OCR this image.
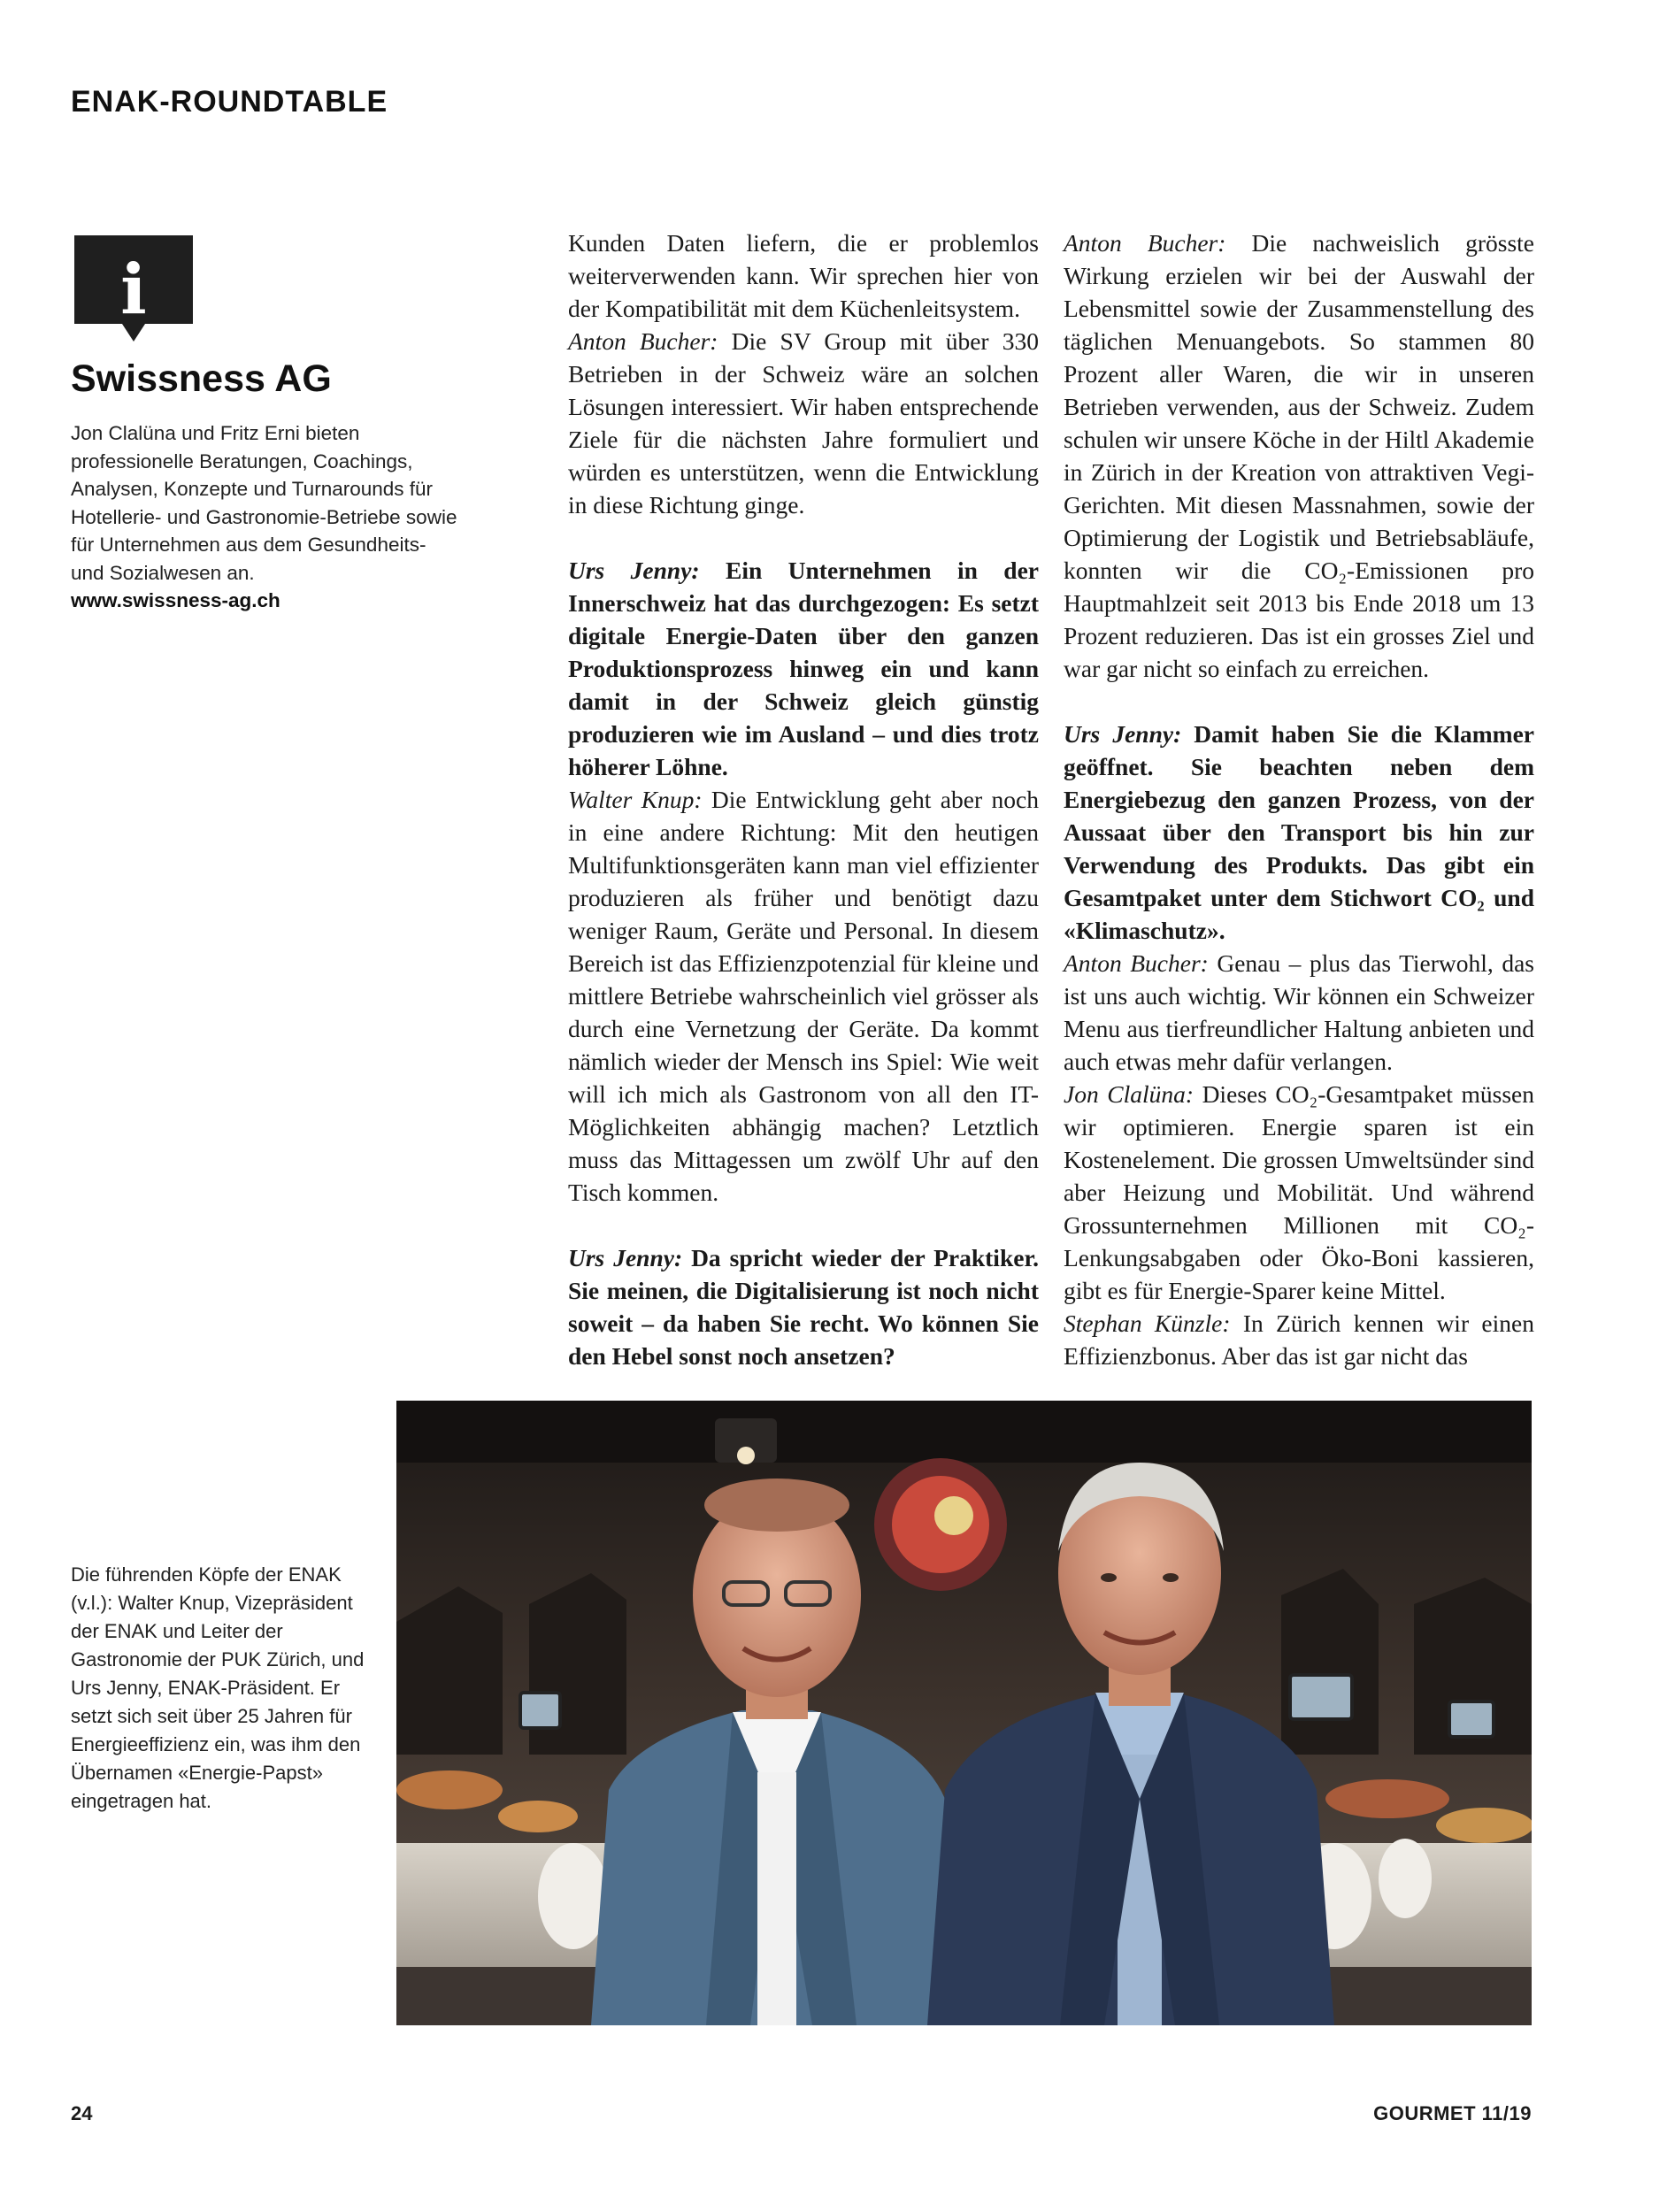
ENAK-ROUNDTABLE
i
Swissness AG

Jon Clalüna und Fritz Erni bieten professionelle Beratungen, Coachings, Analysen, Konzepte und Turnarounds für Hotellerie- und Gastronomie-Betriebe sowie für Unternehmen aus dem Gesundheits- und Sozialwesen an.

www.swissness-ag.ch

Kunden Daten liefern, die er problemlos weiterverwenden kann. Wir sprechen hier von der Kompatibilität mit dem Küchenleitsystem.

Anton Bucher: Die SV Group mit über 330 Betrieben in der Schweiz wäre an solchen Lösungen interessiert. Wir haben entsprechende Ziele für die nächsten Jahre formuliert und würden es unterstützen, wenn die Entwicklung in diese Richtung ginge.

Urs Jenny: Ein Unternehmen in der Innerschweiz hat das durchgezogen: Es setzt digitale Energie-Daten über den ganzen Produktionsprozess hinweg ein und kann damit in der Schweiz gleich günstig produzieren wie im Ausland – und dies trotz höherer Löhne.

Walter Knup: Die Entwicklung geht aber noch in eine andere Richtung: Mit den heutigen Multifunktionsgeräten kann man viel effizienter produzieren als früher und benötigt dazu weniger Raum, Geräte und Personal. In diesem Bereich ist das Effizienzpotenzial für kleine und mittlere Betriebe wahrscheinlich viel grösser als durch eine Vernetzung der Geräte. Da kommt nämlich wieder der Mensch ins Spiel: Wie weit will ich mich als Gastronom von all den IT-Möglichkeiten abhängig machen? Letztlich muss das Mittagessen um zwölf Uhr auf den Tisch kommen.

Urs Jenny: Da spricht wieder der Praktiker. Sie meinen, die Digitalisierung ist noch nicht soweit – da haben Sie recht. Wo können Sie den Hebel sonst noch ansetzen?

Anton Bucher: Die nachweislich grösste Wirkung erzielen wir bei der Auswahl der Lebensmittel sowie der Zusammenstellung des täglichen Menuangebots. So stammen 80 Prozent aller Waren, die wir in unseren Betrieben verwenden, aus der Schweiz. Zudem schulen wir unsere Köche in der Hiltl Akademie in Zürich in der Kreation von attraktiven Vegi-Gerichten. Mit diesen Massnahmen, sowie der Optimierung der Logistik und Betriebsabläufe, konnten wir die CO₂-Emissionen pro Hauptmahlzeit seit 2013 bis Ende 2018 um 13 Prozent reduzieren. Das ist ein grosses Ziel und war gar nicht so einfach zu erreichen.

Urs Jenny: Damit haben Sie die Klammer geöffnet. Sie beachten neben dem Energiebezug den ganzen Prozess, von der Aussaat über den Transport bis hin zur Verwendung des Produkts. Das gibt ein Gesamtpaket unter dem Stichwort CO₂ und «Klimaschutz».

Anton Bucher: Genau – plus das Tierwohl, das ist uns auch wichtig. Wir können ein Schweizer Menu aus tierfreundlicher Haltung anbieten und auch etwas mehr dafür verlangen.

Jon Clalüna: Dieses CO₂-Gesamtpaket müssen wir optimieren. Energie sparen ist ein Kostenelement. Die grossen Umweltsünder sind aber Heizung und Mobilität. Und während Grossunternehmen Millionen mit CO₂-Lenkungsabgaben oder Öko-Boni kassieren, gibt es für Energie-Sparer keine Mittel.

Stephan Künzle: In Zürich kennen wir einen Effizienzbonus. Aber das ist gar nicht das

Die führenden Köpfe der ENAK (v.l.): Walter Knup, Vizepräsident der ENAK und Leiter der Gastronomie der PUK Zürich, und Urs Jenny, ENAK-Präsident. Er setzt sich seit über 25 Jahren für Energieeffizienz ein, was ihm den Übernamen «Energie-Papst» eingetragen hat.
24	GOURMET 11/19
